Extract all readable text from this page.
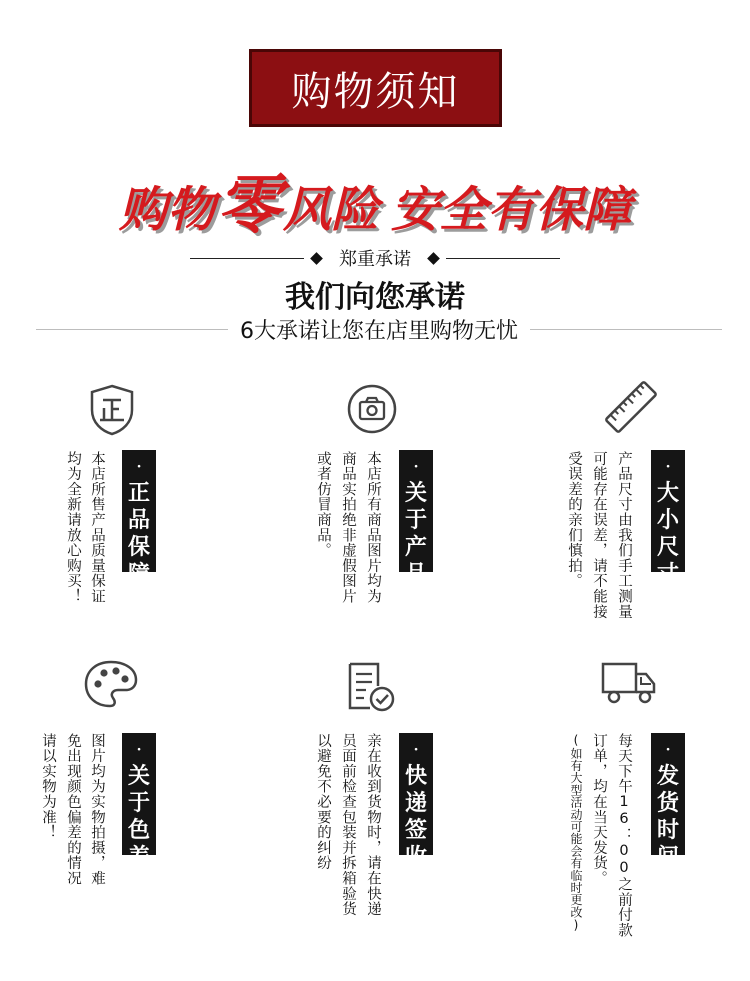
购物须知
购物 零 风险 安全有保障
郑重承诺
我们向您承诺
6大承诺让您在店里购物无忧
·
正
品
保
障
本店所售产品质量保证
均为全新请放心购买！	·
关
于
产
品
本店所有商品图片均为
商品实拍绝非虚假图片
或者仿冒商品。	·
大
小
尺
寸
产品尺寸由我们手工测量
可能存在误差，请不能接
受误差的亲们慎拍。
·
关
于
色
差
图片均为实物拍摄，难
免出现颜色偏差的情况
请以实物为准！	·
快
递
签
收
亲在收到货物时，请在快递
员面前检查包装并拆箱验货
以避免不必要的纠纷	·
发
货
时
间
每天下午16：00之前付款
订单，均在当天发货。
(如有大型活动可能会有临时更改)
